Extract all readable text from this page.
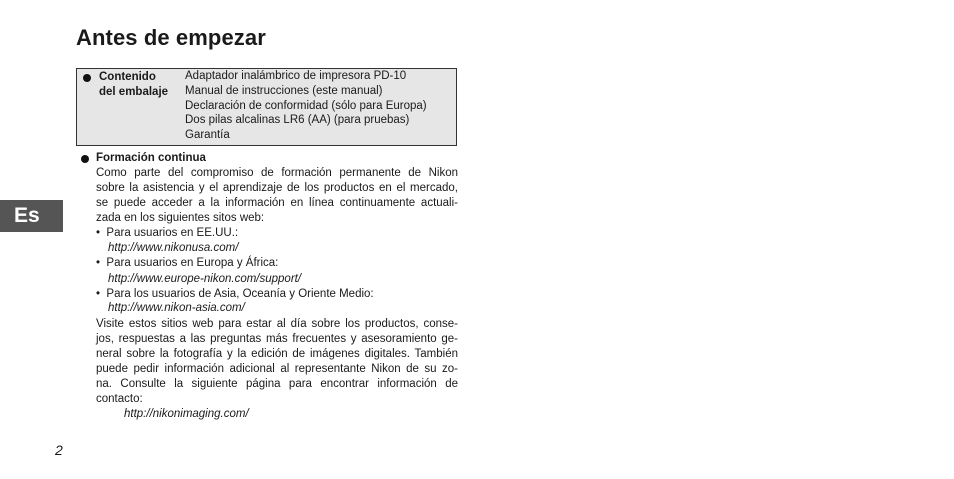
Antes de empezar
Contenido
del embalaje
Adaptador inalámbrico de impresora PD-10
Manual de instrucciones (este manual)
Declaración de conformidad (sólo para Europa)
Dos pilas alcalinas LR6 (AA) (para pruebas)
Garantía
Formación continua
Como parte del compromiso de formación permanente de Nikon
sobre la asistencia y el aprendizaje de los productos en el mercado,
se puede acceder a la información en línea continuamente actuali-
zada en los siguientes sitos web:
•  Para usuarios en EE.UU.:
http://www.nikonusa.com/
•  Para usuarios en Europa y África:
http://www.europe-nikon.com/support/
•  Para los usuarios de Asia, Oceanía y Oriente Medio:
http://www.nikon-asia.com/
Visite estos sitios web para estar al día sobre los productos, conse-
jos, respuestas a las preguntas más frecuentes y asesoramiento ge-
neral sobre la fotografía y la edición de imágenes digitales. También
puede pedir información adicional al representante Nikon de su zo-
na. Consulte la siguiente página para encontrar información de
contacto:
http://nikonimaging.com/
Es
2
